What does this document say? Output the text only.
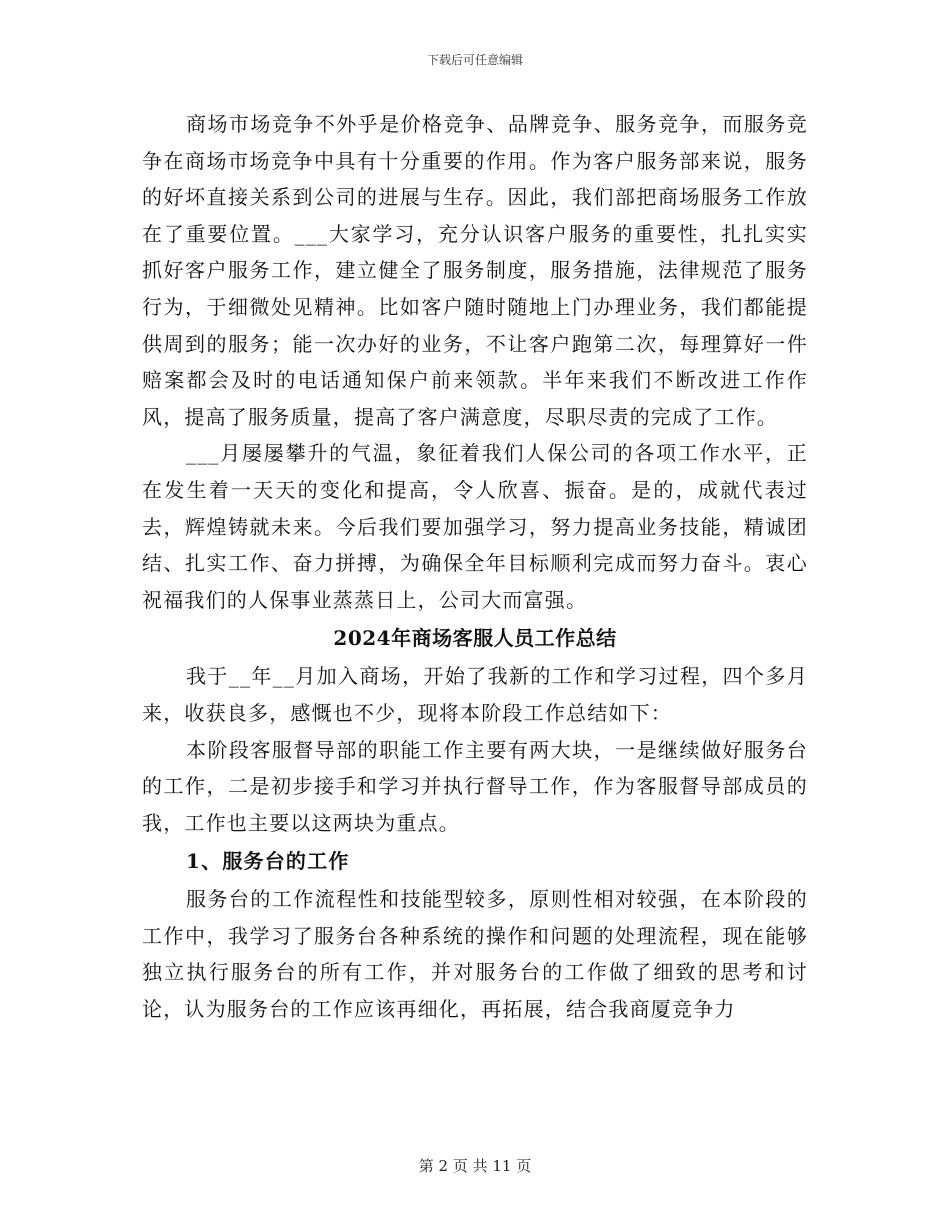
下载后可任意编辑

商场市场竞争不外乎是价格竞争、品牌竞争、服务竞争，而服务竞争在商场市场竞争中具有十分重要的作用。作为客户服务部来说，服务的好坏直接关系到公司的进展与生存。因此，我们部把商场服务工作放在了重要位置。___大家学习，充分认识客户服务的重要性，扎扎实实抓好客户服务工作，建立健全了服务制度，服务措施，法律规范了服务行为，于细微处见精神。比如客户随时随地上门办理业务，我们都能提供周到的服务；能一次办好的业务，不让客户跑第二次，每理算好一件赔案都会及时的电话通知保户前来领款。半年来我们不断改进工作作风，提高了服务质量，提高了客户满意度，尽职尽责的完成了工作。

___月屡屡攀升的气温，象征着我们人保公司的各项工作水平，正在发生着一天天的变化和提高，令人欣喜、振奋。是的，成就代表过去，辉煌铸就未来。今后我们要加强学习，努力提高业务技能，精诚团结、扎实工作、奋力拼搏，为确保全年目标顺利完成而努力奋斗。衷心祝福我们的人保事业蒸蒸日上，公司大而富强。

2024年商场客服人员工作总结

我于__年__月加入商场，开始了我新的工作和学习过程，四个多月来，收获良多，感慨也不少，现将本阶段工作总结如下：

本阶段客服督导部的职能工作主要有两大块，一是继续做好服务台的工作，二是初步接手和学习并执行督导工作，作为客服督导部成员的我，工作也主要以这两块为重点。

1、服务台的工作

服务台的工作流程性和技能型较多，原则性相对较强，在本阶段的工作中，我学习了服务台各种系统的操作和问题的处理流程，现在能够独立执行服务台的所有工作，并对服务台的工作做了细致的思考和讨论，认为服务台的工作应该再细化，再拓展，结合我商厦竞争力

第 2 页 共 11 页
